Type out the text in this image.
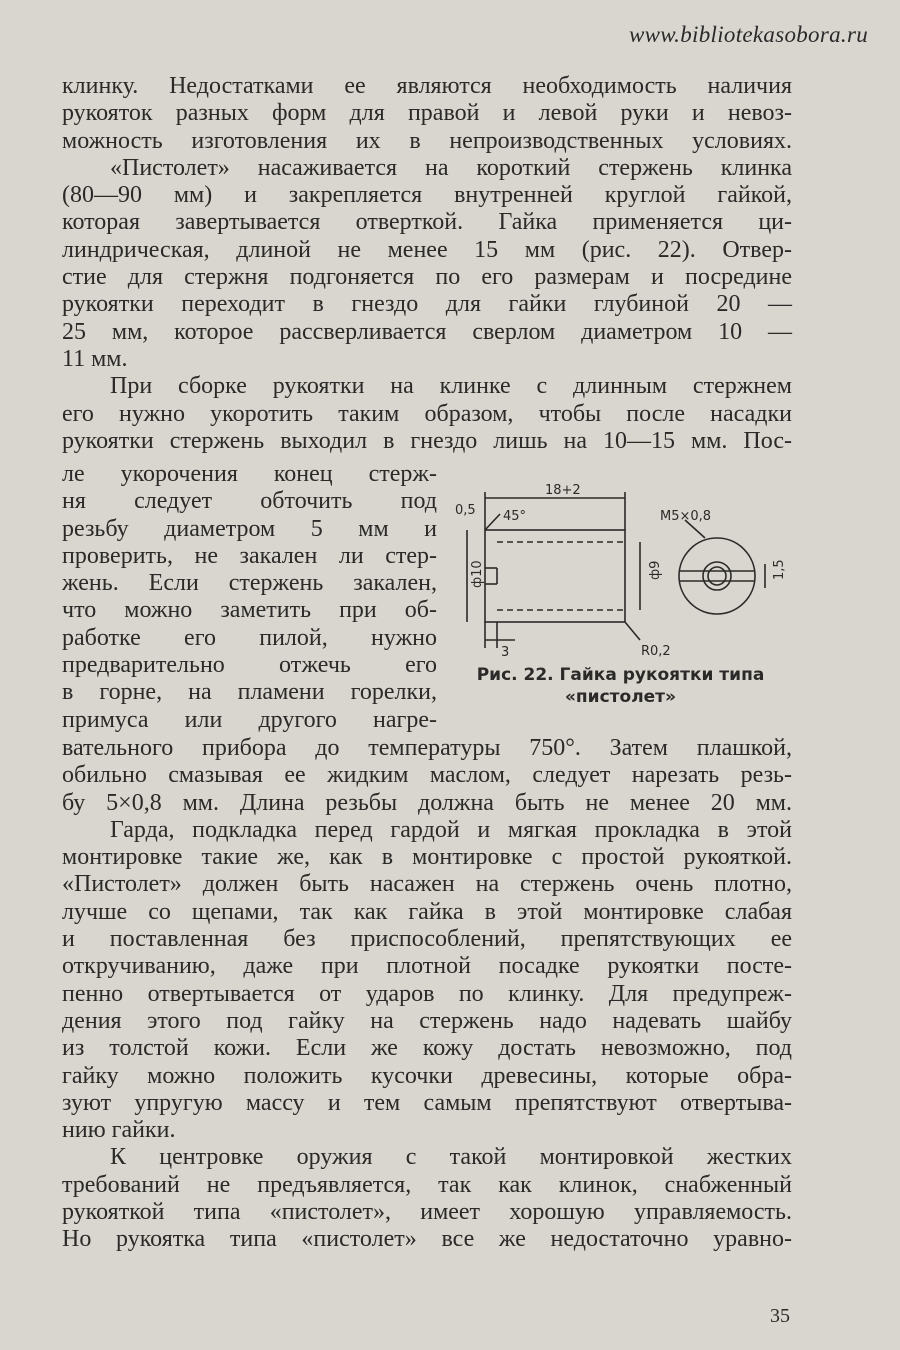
www.bibliotekasobora.ru
клинку. Недостатками ее являются необходимость наличия
рукояток разных форм для правой и левой руки и невоз-
можность изготовления их в непроизводственных условиях.
«Пистолет» насаживается на короткий стержень клинка
(80—90 мм) и закрепляется внутренней круглой гайкой,
которая завертывается отверткой. Гайка применяется ци-
линдрическая, длиной не менее 15 мм (рис. 22). Отвер-
стие для стержня подгоняется по его размерам и посредине
рукоятки переходит в гнездо для гайки глубиной 20 —
25 мм, которое рассверливается сверлом диаметром 10 —
11 мм.
При сборке рукоятки на клинке с длинным стержнем
его нужно укоротить таким образом, чтобы после насадки
рукоятки стержень выходил в гнездо лишь на 10—15 мм. Пос-
ле укорочения конец стерж-
ня следует обточить под
резьбу диаметром 5 мм и
проверить, не закален ли стер-
жень. Если стержень закален,
что можно заметить при об-
работке его пилой, нужно
предварительно отжечь его
в горне, на пламени горелки,
примуса или другого нагре-
18+2
0,5 45°	M5×0,8
ф10	ф9
3	R0,2
1,5
Рис. 22. Гайка рукоятки типа «пистолет»
вательного прибора до температуры 750°. Затем плашкой,
обильно смазывая ее жидким маслом, следует нарезать резь-
бу 5×0,8 мм. Длина резьбы должна быть не менее 20 мм.
Гарда, подкладка перед гардой и мягкая прокладка в этой
монтировке такие же, как в монтировке с простой рукояткой.
«Пистолет» должен быть насажен на стержень очень плотно,
лучше со щепами, так как гайка в этой монтировке слабая
и поставленная без приспособлений, препятствующих ее
откручиванию, даже при плотной посадке рукоятки посте-
пенно отвертывается от ударов по клинку. Для предупреж-
дения этого под гайку на стержень надо надевать шайбу
из толстой кожи. Если же кожу достать невозможно, под
гайку можно положить кусочки древесины, которые обра-
зуют упругую массу и тем самым препятствуют отвертыва-
нию гайки.
К центровке оружия с такой монтировкой жестких
требований не предъявляется, так как клинок, снабженный
рукояткой типа «пистолет», имеет хорошую управляемость.
Но рукоятка типа «пистолет» все же недостаточно уравно-
35
